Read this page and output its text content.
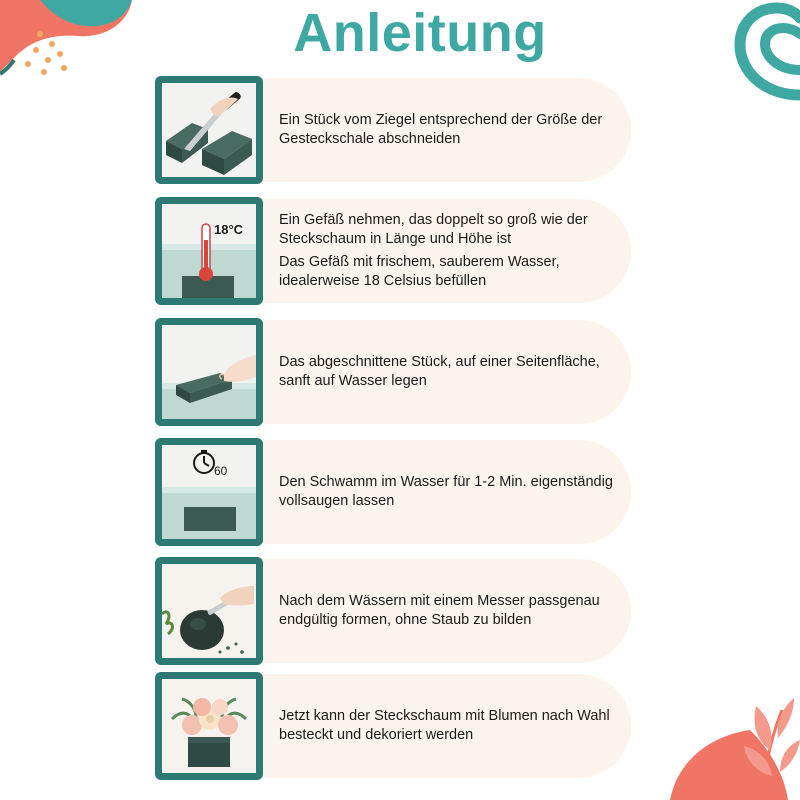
Anleitung

Ein Stück vom Ziegel entsprechend der Größe der Gesteckschale abschneiden

18°C

Ein Gefäß nehmen, das doppelt so groß wie der Steckschaum in Länge und Höhe ist

Das Gefäß mit frischem, sauberem Wasser, idealerweise 18 Celsius befüllen

Das abgeschnittene Stück, auf einer Seitenfläche, sanft auf Wasser legen

60

Den Schwamm im Wasser für 1-2 Min. eigenständig vollsaugen lassen

Nach dem Wässern mit einem Messer passgenau endgültig formen, ohne Staub zu bilden

Jetzt kann der Steckschaum mit Blumen nach Wahl besteckt und dekoriert werden
